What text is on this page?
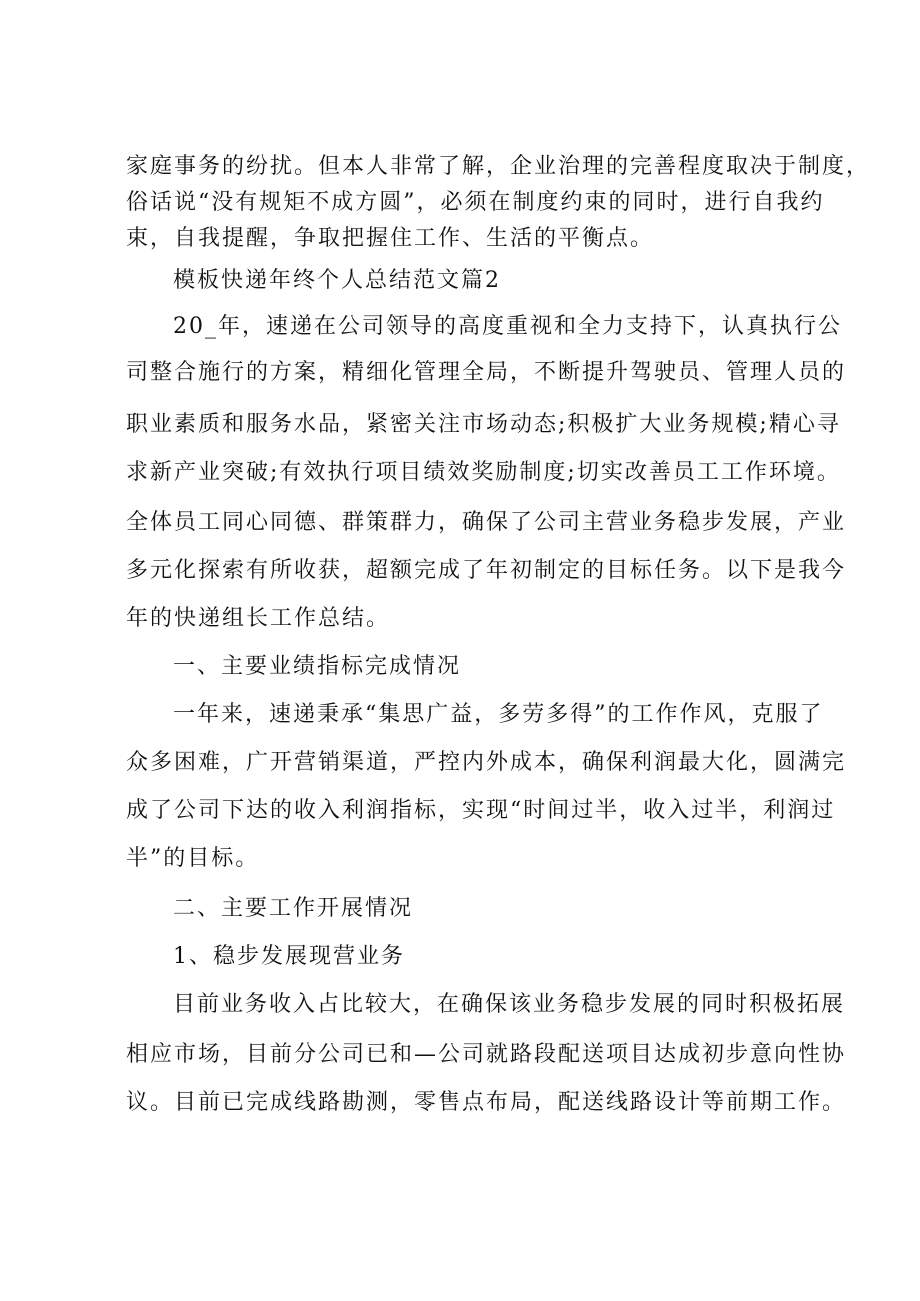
家庭事务的纷扰。但本人非常了解，企业治理的完善程度取决于制度，
俗话说“没有规矩不成方圆”，必须在制度约束的同时，进行自我约
束，自我提醒，争取把握住工作、生活的平衡点。
模板快递年终个人总结范文篇2
20_年，速递在公司领导的高度重视和全力支持下，认真执行公
司整合施行的方案，精细化管理全局，不断提升驾驶员、管理人员的
职业素质和服务水品，紧密关注市场动态;积极扩大业务规模;精心寻
求新产业突破;有效执行项目绩效奖励制度;切实改善员工工作环境。
全体员工同心同德、群策群力，确保了公司主营业务稳步发展，产业
多元化探索有所收获，超额完成了年初制定的目标任务。以下是我今
年的快递组长工作总结。
一、主要业绩指标完成情况
一年来，速递秉承“集思广益，多劳多得”的工作作风，克服了
众多困难，广开营销渠道，严控内外成本，确保利润最大化，圆满完
成了公司下达的收入利润指标，实现“时间过半，收入过半，利润过
半”的目标。
二、主要工作开展情况
1、稳步发展现营业务
目前业务收入占比较大，在确保该业务稳步发展的同时积极拓展
相应市场，目前分公司已和—公司就路段配送项目达成初步意向性协
议。目前已完成线路勘测，零售点布局，配送线路设计等前期工作。
